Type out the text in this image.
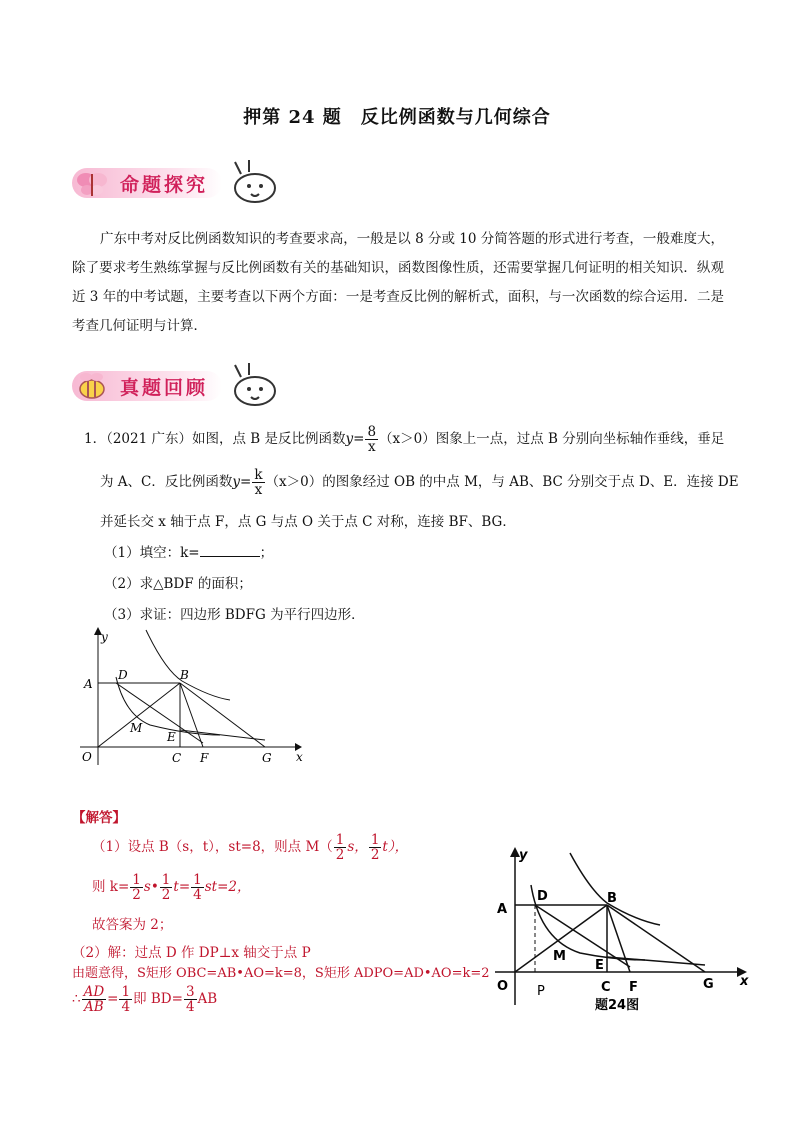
押第 24 题　反比例函数与几何综合
命题探究
广东中考对反比例函数知识的考查要求高，一般是以 8 分或 10 分简答题的形式进行考查，一般难度大，除了要求考生熟练掌握与反比例函数有关的基础知识，函数图像性质，还需要掌握几何证明的相关知识．纵观近 3 年的中考试题，主要考查以下两个方面：一是考查反比例的解析式，面积，与一次函数的综合运用．二是考查几何证明与计算．
真题回顾
1．（2021 广东）如图，点 B 是反比例函数$y= \frac{8}{x} (x>0)$图象上一点，过点 B 分别向坐标轴作垂线，垂足
为 A、C．反比例函数$y= \frac{k}{x} (x>0)$的图象经过 OB 的中点 M，与 AB、BC 分别交于点 D、E．连接 DE
并延长交 x 轴于点 F，点 G 与点 O 关于点 C 对称，连接 BF、BG．
（1）填空：k=	；
（2）求△BDF 的面积；
（3）求证：四边形 BDFG 为平行四边形．
y
x
O
A
B
C
D
E
F	G
M
【解答】
（1）设点 B（s，t），st=8，则点 $M( \frac{1}{2}$ s， $\frac{1}{2} t$），
则 $k= \frac{1}{2}$ s• $\frac{1}{2} t= \frac{1}{4} st=2$，
故答案为 2；
（2）解：过点 D 作 DP⊥x 轴交于点 P
由题意得，S矩形 OBC=AB•AO=k=8，S矩形 ADPO=AD•AO=k=2
∴ $\frac{AD}{AB} = \frac{1}{4}$ 即 $BD= \frac{3}{4}$ AB
y
x
O
A
B
C
D
E
F	G
M
P
题24图
